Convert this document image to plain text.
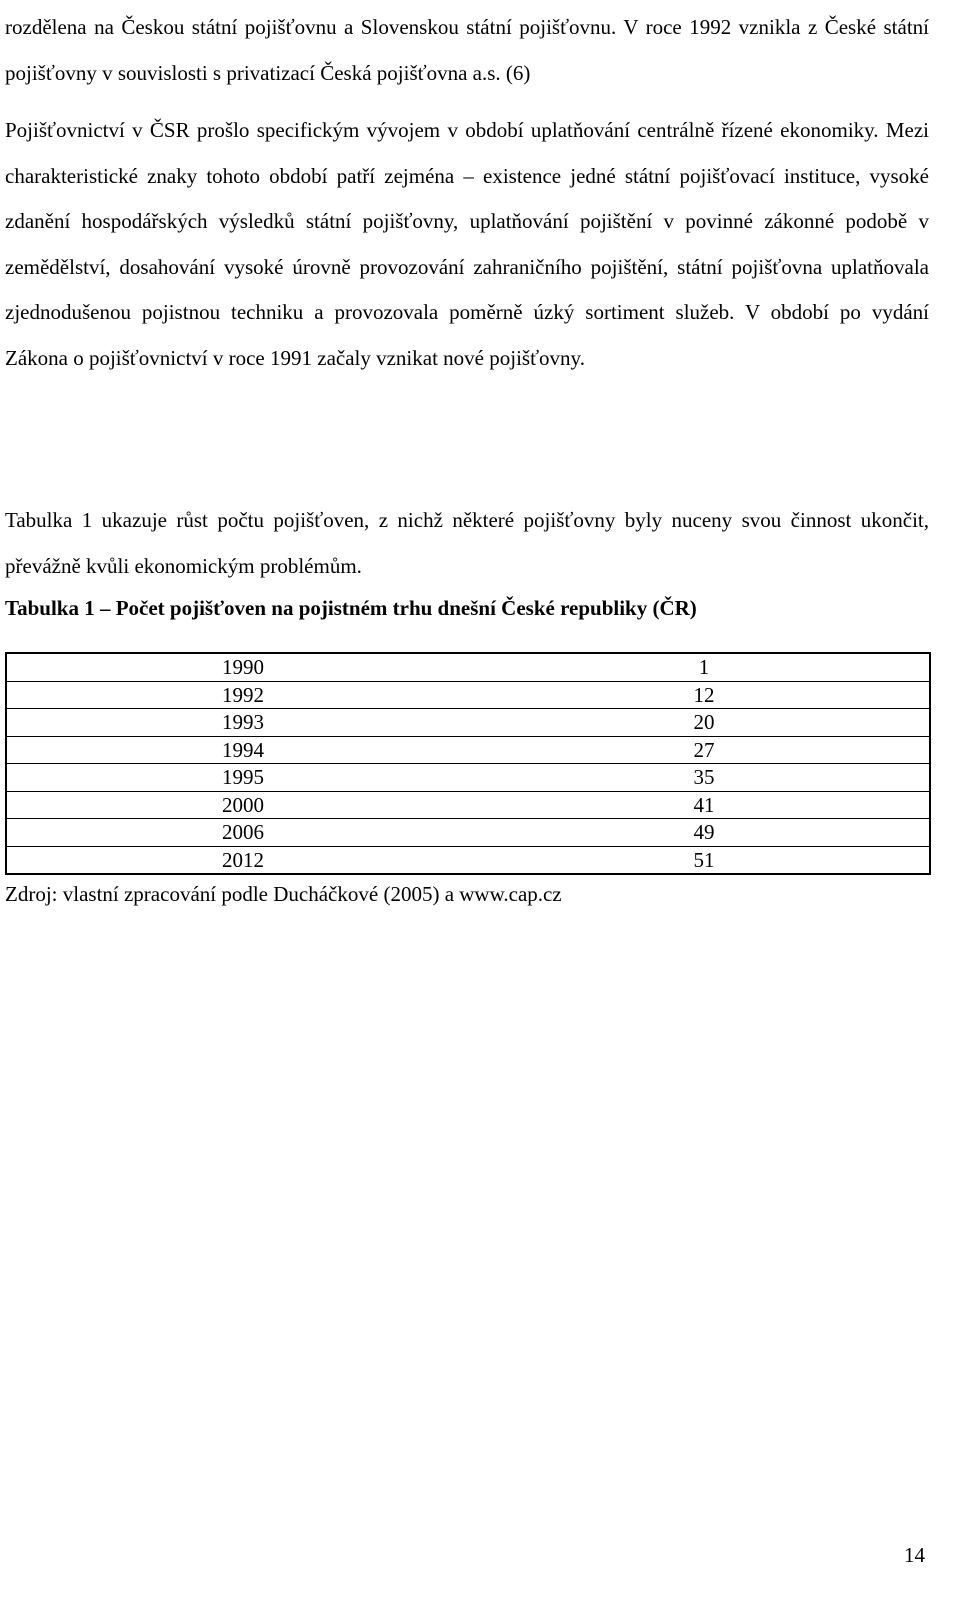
rozdělena na Českou státní pojišťovnu a Slovenskou státní pojišťovnu. V roce 1992 vznikla z České státní pojišťovny v souvislosti s privatizací Česká pojišťovna a.s. (6)

Pojišťovnictví v ČSR prošlo specifickým vývojem v období uplatňování centrálně řízené ekonomiky. Mezi charakteristické znaky tohoto období patří zejména – existence jedné státní pojišťovací instituce, vysoké zdanění hospodářských výsledků státní pojišťovny, uplatňování pojištění v povinné zákonné podobě v zemědělství, dosahování vysoké úrovně provozování zahraničního pojištění, státní pojišťovna uplatňovala zjednodušenou pojistnou techniku a provozovala poměrně úzký sortiment služeb. V období po vydání Zákona o pojišťovnictví v roce 1991 začaly vznikat nové pojišťovny.

Tabulka 1 ukazuje růst počtu pojišťoven, z nichž některé pojišťovny byly nuceny svou činnost ukončit, převážně kvůli ekonomickým problémům.

Tabulka 1 – Počet pojišťoven na pojistném trhu dnešní České republiky (ČR)

1990	1
1992	12
1993	20
1994	27
1995	35
2000	41
2006	49
2012	51

Zdroj: vlastní zpracování podle Ducháčkové (2005) a www.cap.cz

14
